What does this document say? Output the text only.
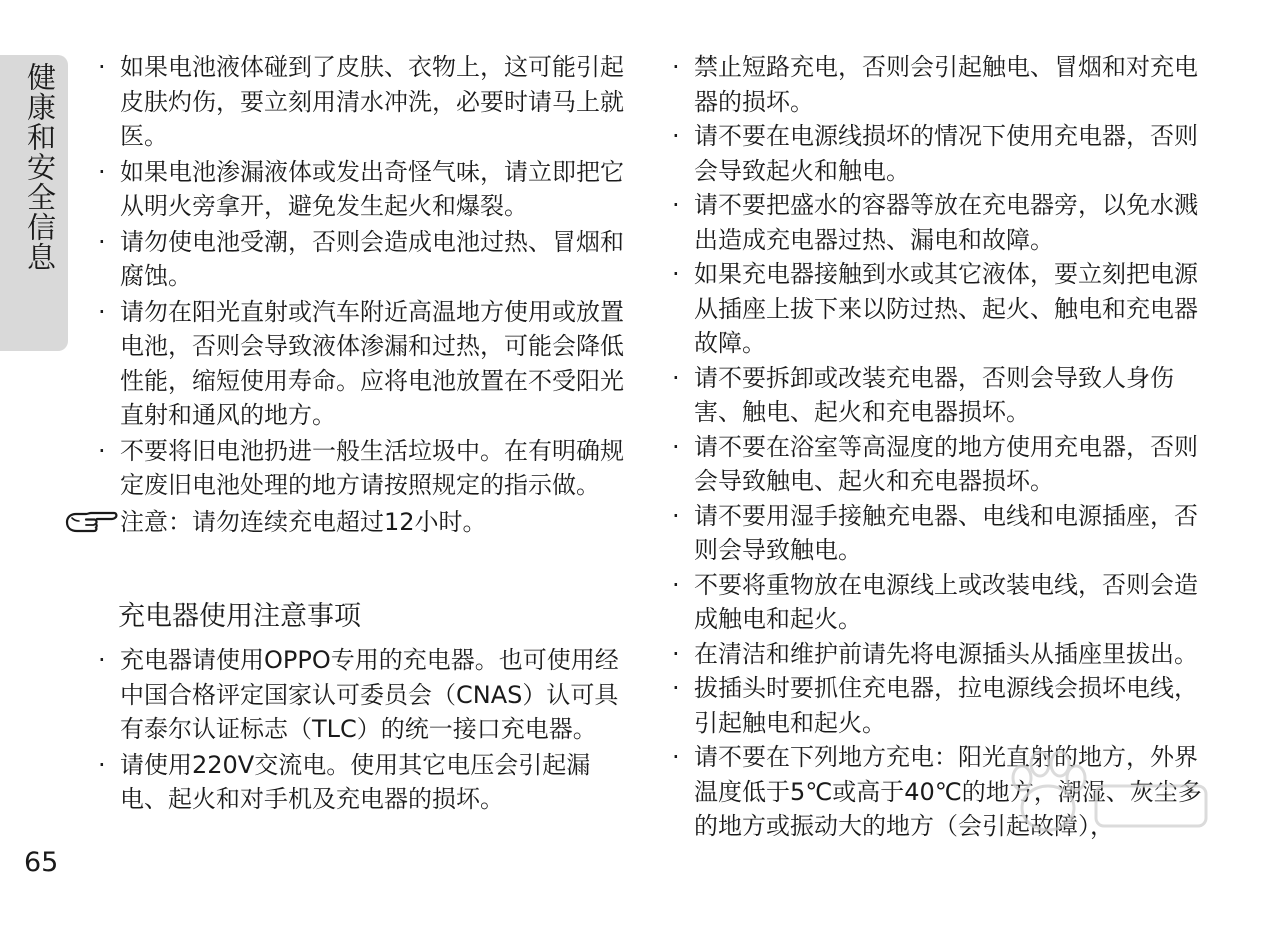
健康和安全信息
65
· 如果电池液体碰到了皮肤、衣物上，这可能引起皮肤灼伤，要立刻用清水冲洗，必要时请马上就医。
· 如果电池渗漏液体或发出奇怪气味，请立即把它从明火旁拿开，避免发生起火和爆裂。
· 请勿使电池受潮，否则会造成电池过热、冒烟和腐蚀。
· 请勿在阳光直射或汽车附近高温地方使用或放置电池，否则会导致液体渗漏和过热，可能会降低性能，缩短使用寿命。应将电池放置在不受阳光直射和通风的地方。
· 不要将旧电池扔进一般生活垃圾中。在有明确规定废旧电池处理的地方请按照规定的指示做。
注意：请勿连续充电超过12小时。
充电器使用注意事项
· 充电器请使用OPPO专用的充电器。也可使用经中国合格评定国家认可委员会（CNAS）认可具有泰尔认证标志（TLC）的统一接口充电器。
· 请使用220V交流电。使用其它电压会引起漏电、起火和对手机及充电器的损坏。
· 禁止短路充电，否则会引起触电、冒烟和对充电器的损坏。
· 请不要在电源线损坏的情况下使用充电器，否则会导致起火和触电。
· 请不要把盛水的容器等放在充电器旁，以免水溅出造成充电器过热、漏电和故障。
· 如果充电器接触到水或其它液体，要立刻把电源从插座上拔下来以防过热、起火、触电和充电器故障。
· 请不要拆卸或改装充电器，否则会导致人身伤害、触电、起火和充电器损坏。
· 请不要在浴室等高湿度的地方使用充电器，否则会导致触电、起火和充电器损坏。
· 请不要用湿手接触充电器、电线和电源插座，否则会导致触电。
· 不要将重物放在电源线上或改装电线，否则会造成触电和起火。
· 在清洁和维护前请先将电源插头从插座里拔出。
· 拔插头时要抓住充电器，拉电源线会损坏电线，引起触电和起火。
· 请不要在下列地方充电：阳光直射的地方，外界温度低于5℃或高于40℃的地方，潮湿、灰尘多的地方或振动大的地方（会引起故障），
